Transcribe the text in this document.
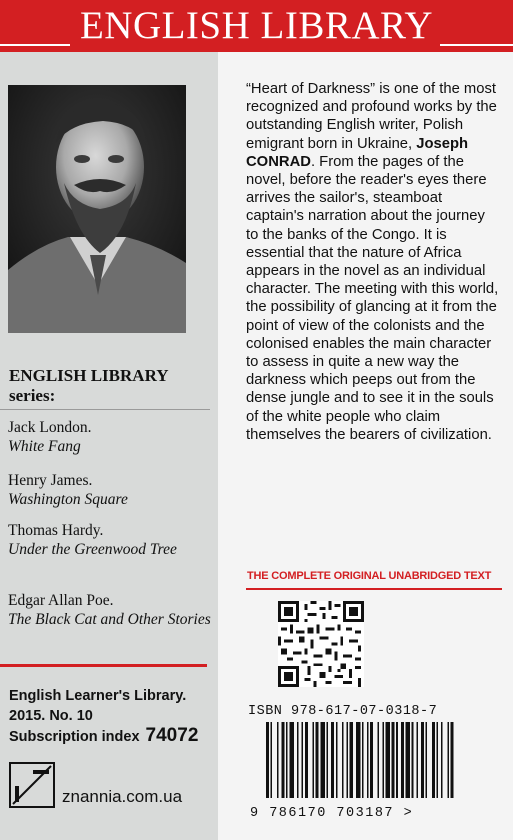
ENGLISH LIBRARY
ENGLISH LIBRARY
series:
Jack London.
White Fang
Henry James.
Washington Square
Thomas Hardy.
Under the Greenwood Tree
Edgar Allan Poe.
The Black Cat and Other Stories
English Learner's Library.
2015. No. 10
Subscription index 74072
znannia.com.ua

“Heart of Darkness” is one of the most recognized and profound works by the outstanding English writer, Polish emigrant born in Ukraine, Joseph CONRAD. From the pages of the novel, before the reader's eyes there arrives the sailor's, steamboat captain's narration about the journey to the banks of the Congo. It is essential that the nature of Africa appears in the novel as an individual character. The meeting with this world, the possibility of glancing at it from the point of view of the colonists and the colonised enables the main character to assess in quite a new way the darkness which peeps out from the dense jungle and to see it in the souls of the white people who claim themselves the bearers of civilization.

THE COMPLETE ORIGINAL UNABRIDGED TEXT
ISBN 978-617-07-0318-7
9 786170 703187 >
